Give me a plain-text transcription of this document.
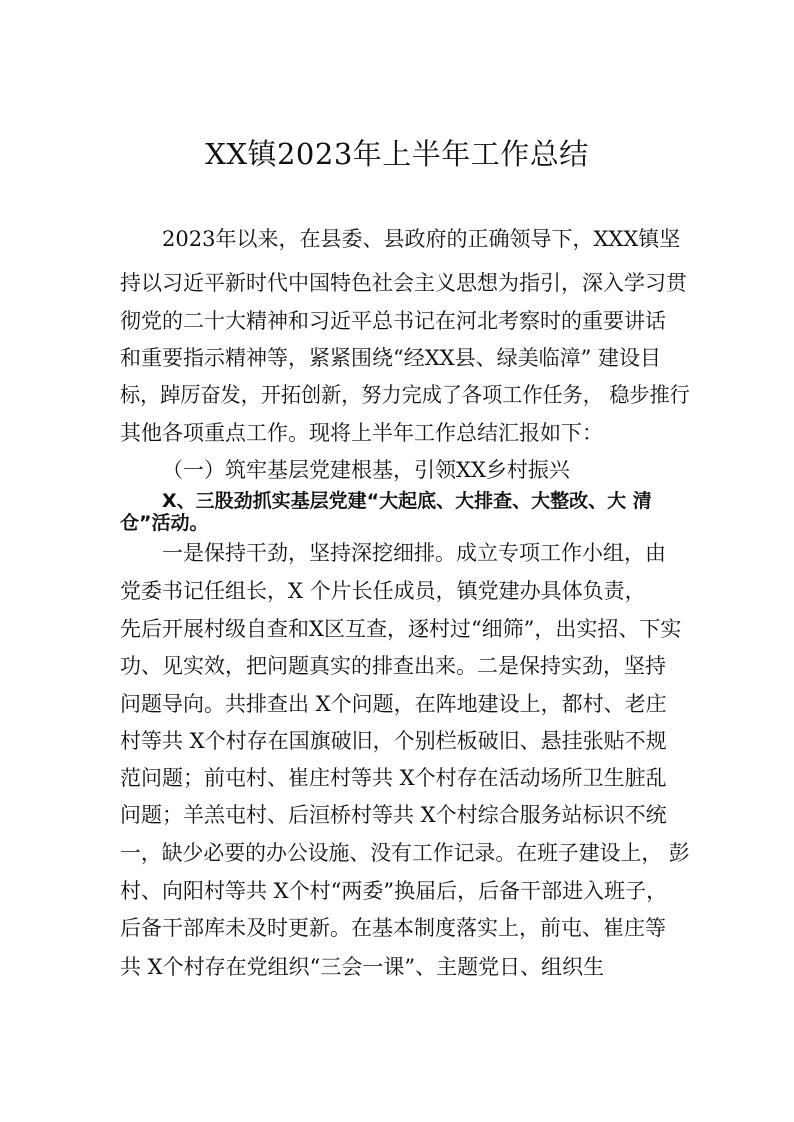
XX镇2023年上半年工作总结
2023年以来，在县委、县政府的正确领导下，XXX镇坚
持以习近平新时代中国特色社会主义思想为指引，深入学习贯
彻党的二十大精神和习近平总书记在河北考察时的重要讲话
和重要指示精神等，紧紧围绕“经XX县、绿美临漳” 建设目
标，踔厉奋发，开拓创新，努力完成了各项工作任务， 稳步推行
其他各项重点工作。现将上半年工作总结汇报如下：
（一）筑牢基层党建根基，引领XX乡村振兴
X、三股劲抓实基层党建“大起底、大排查、大整改、大 清
仓”活动。
一是保持干劲，坚持深挖细排。成立专项工作小组，由
党委书记任组长，X 个片长任成员，镇党建办具体负责，
先后开展村级自查和X区互查，逐村过“细筛”，出实招、下实
功、见实效，把问题真实的排查出来。二是保持实劲，坚持
问题导向。共排查出 X个问题，在阵地建设上，都村、老庄
村等共 X个村存在国旗破旧，个别栏板破旧、悬挂张贴不规
范问题；前屯村、崔庄村等共 X个村存在活动场所卫生脏乱
问题；羊羔屯村、后洹桥村等共 X个村综合服务站标识不统
一，缺少必要的办公设施、没有工作记录。在班子建设上， 彭
村、向阳村等共 X个村“两委”换届后，后备干部进入班子，
后备干部库未及时更新。在基本制度落实上，前屯、崔庄等
共 X个村存在党组织“三会一课”、主题党日、组织生
